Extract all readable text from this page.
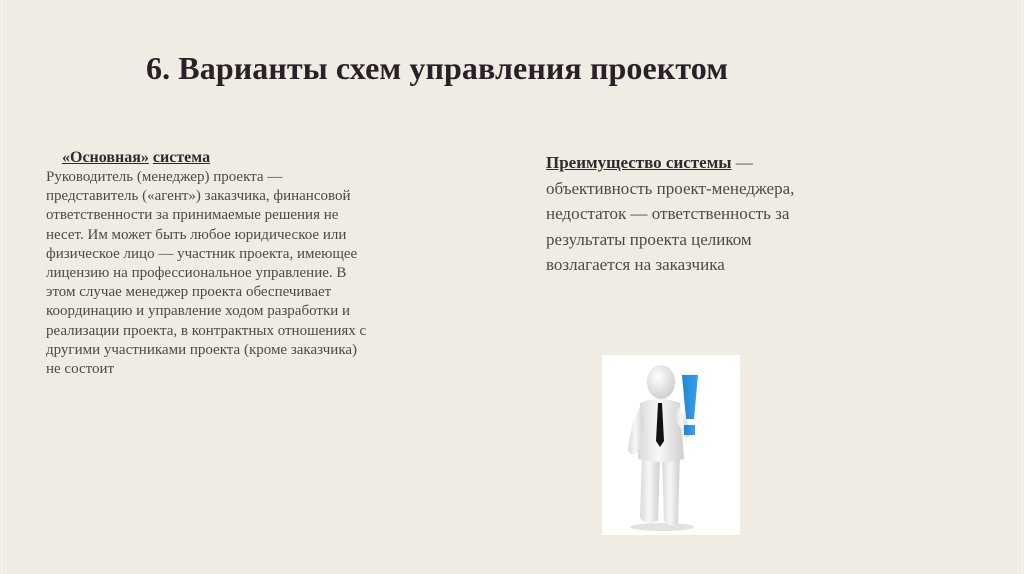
6. Варианты схем управления проектом

«Основная» система

Руководитель (менеджер) проекта —
представитель («агент») заказчика, финансовой
ответственности за принимаемые решения не
несет. Им может быть любое юридическое или
физическое лицо — участник проекта, имеющее
лицензию на профессиональное управление. В
этом случае менеджер проекта обеспечивает
координацию и управление ходом разработки и
реализации проекта, в контрактных отношениях с
другими участниками проекта (кроме заказчика)
не состоит

Преимущество системы —
объективность проект-менеджера,
недостаток — ответственность за
результаты проекта целиком
возлагается на заказчика
